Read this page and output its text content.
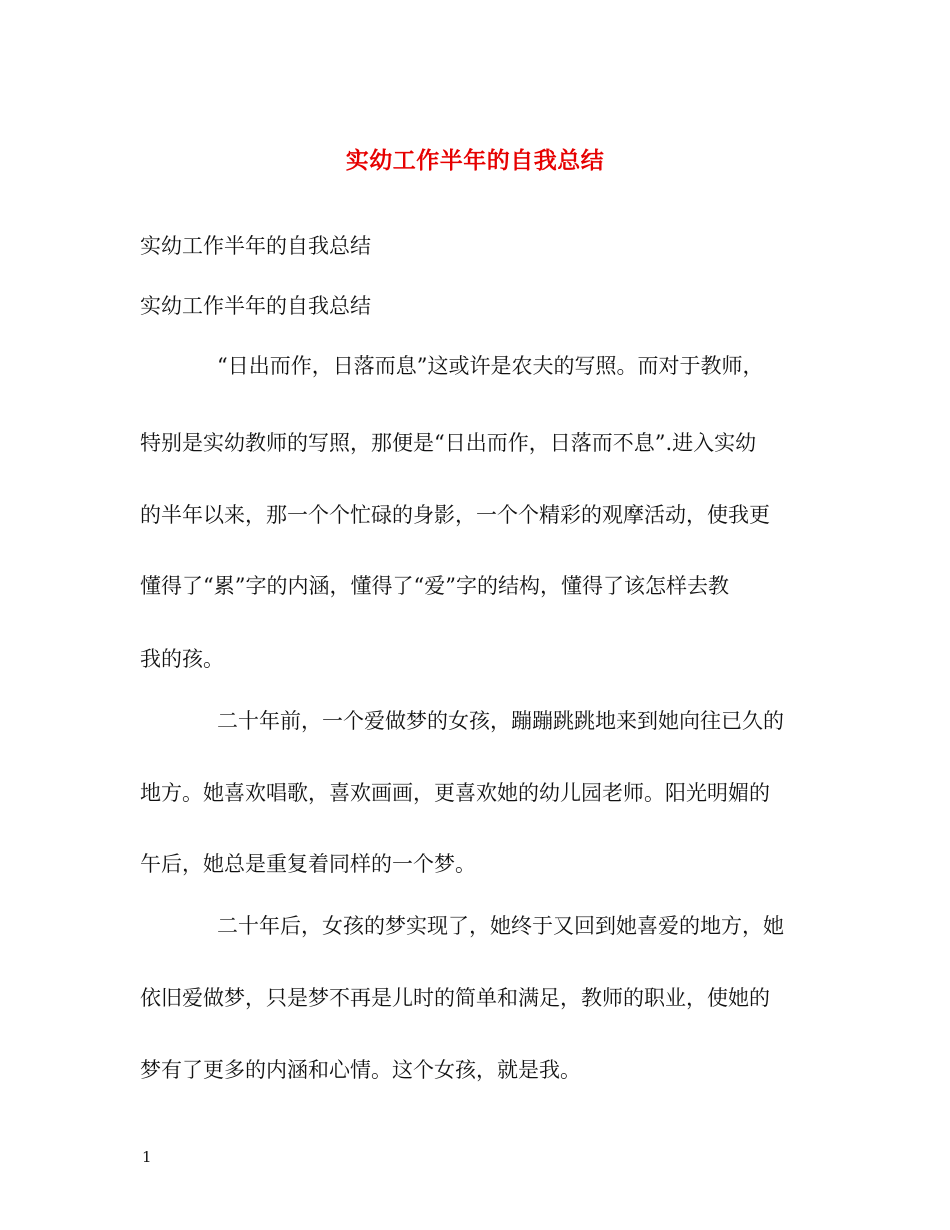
实幼工作半年的自我总结

实幼工作半年的自我总结

实幼工作半年的自我总结

“日出而作，日落而息”这或许是农夫的写照。而对于教师，

特别是实幼教师的写照，那便是“日出而作，日落而不息”.进入实幼

的半年以来，那一个个忙碌的身影，一个个精彩的观摩活动，使我更

懂得了“累”字的内涵，懂得了“爱”字的结构，懂得了该怎样去教

我的孩。

二十年前，一个爱做梦的女孩，蹦蹦跳跳地来到她向往已久的

地方。她喜欢唱歌，喜欢画画，更喜欢她的幼儿园老师。阳光明媚的

午后，她总是重复着同样的一个梦。

二十年后，女孩的梦实现了，她终于又回到她喜爱的地方，她

依旧爱做梦，只是梦不再是儿时的简单和满足，教师的职业，使她的

梦有了更多的内涵和心情。这个女孩，就是我。

1
